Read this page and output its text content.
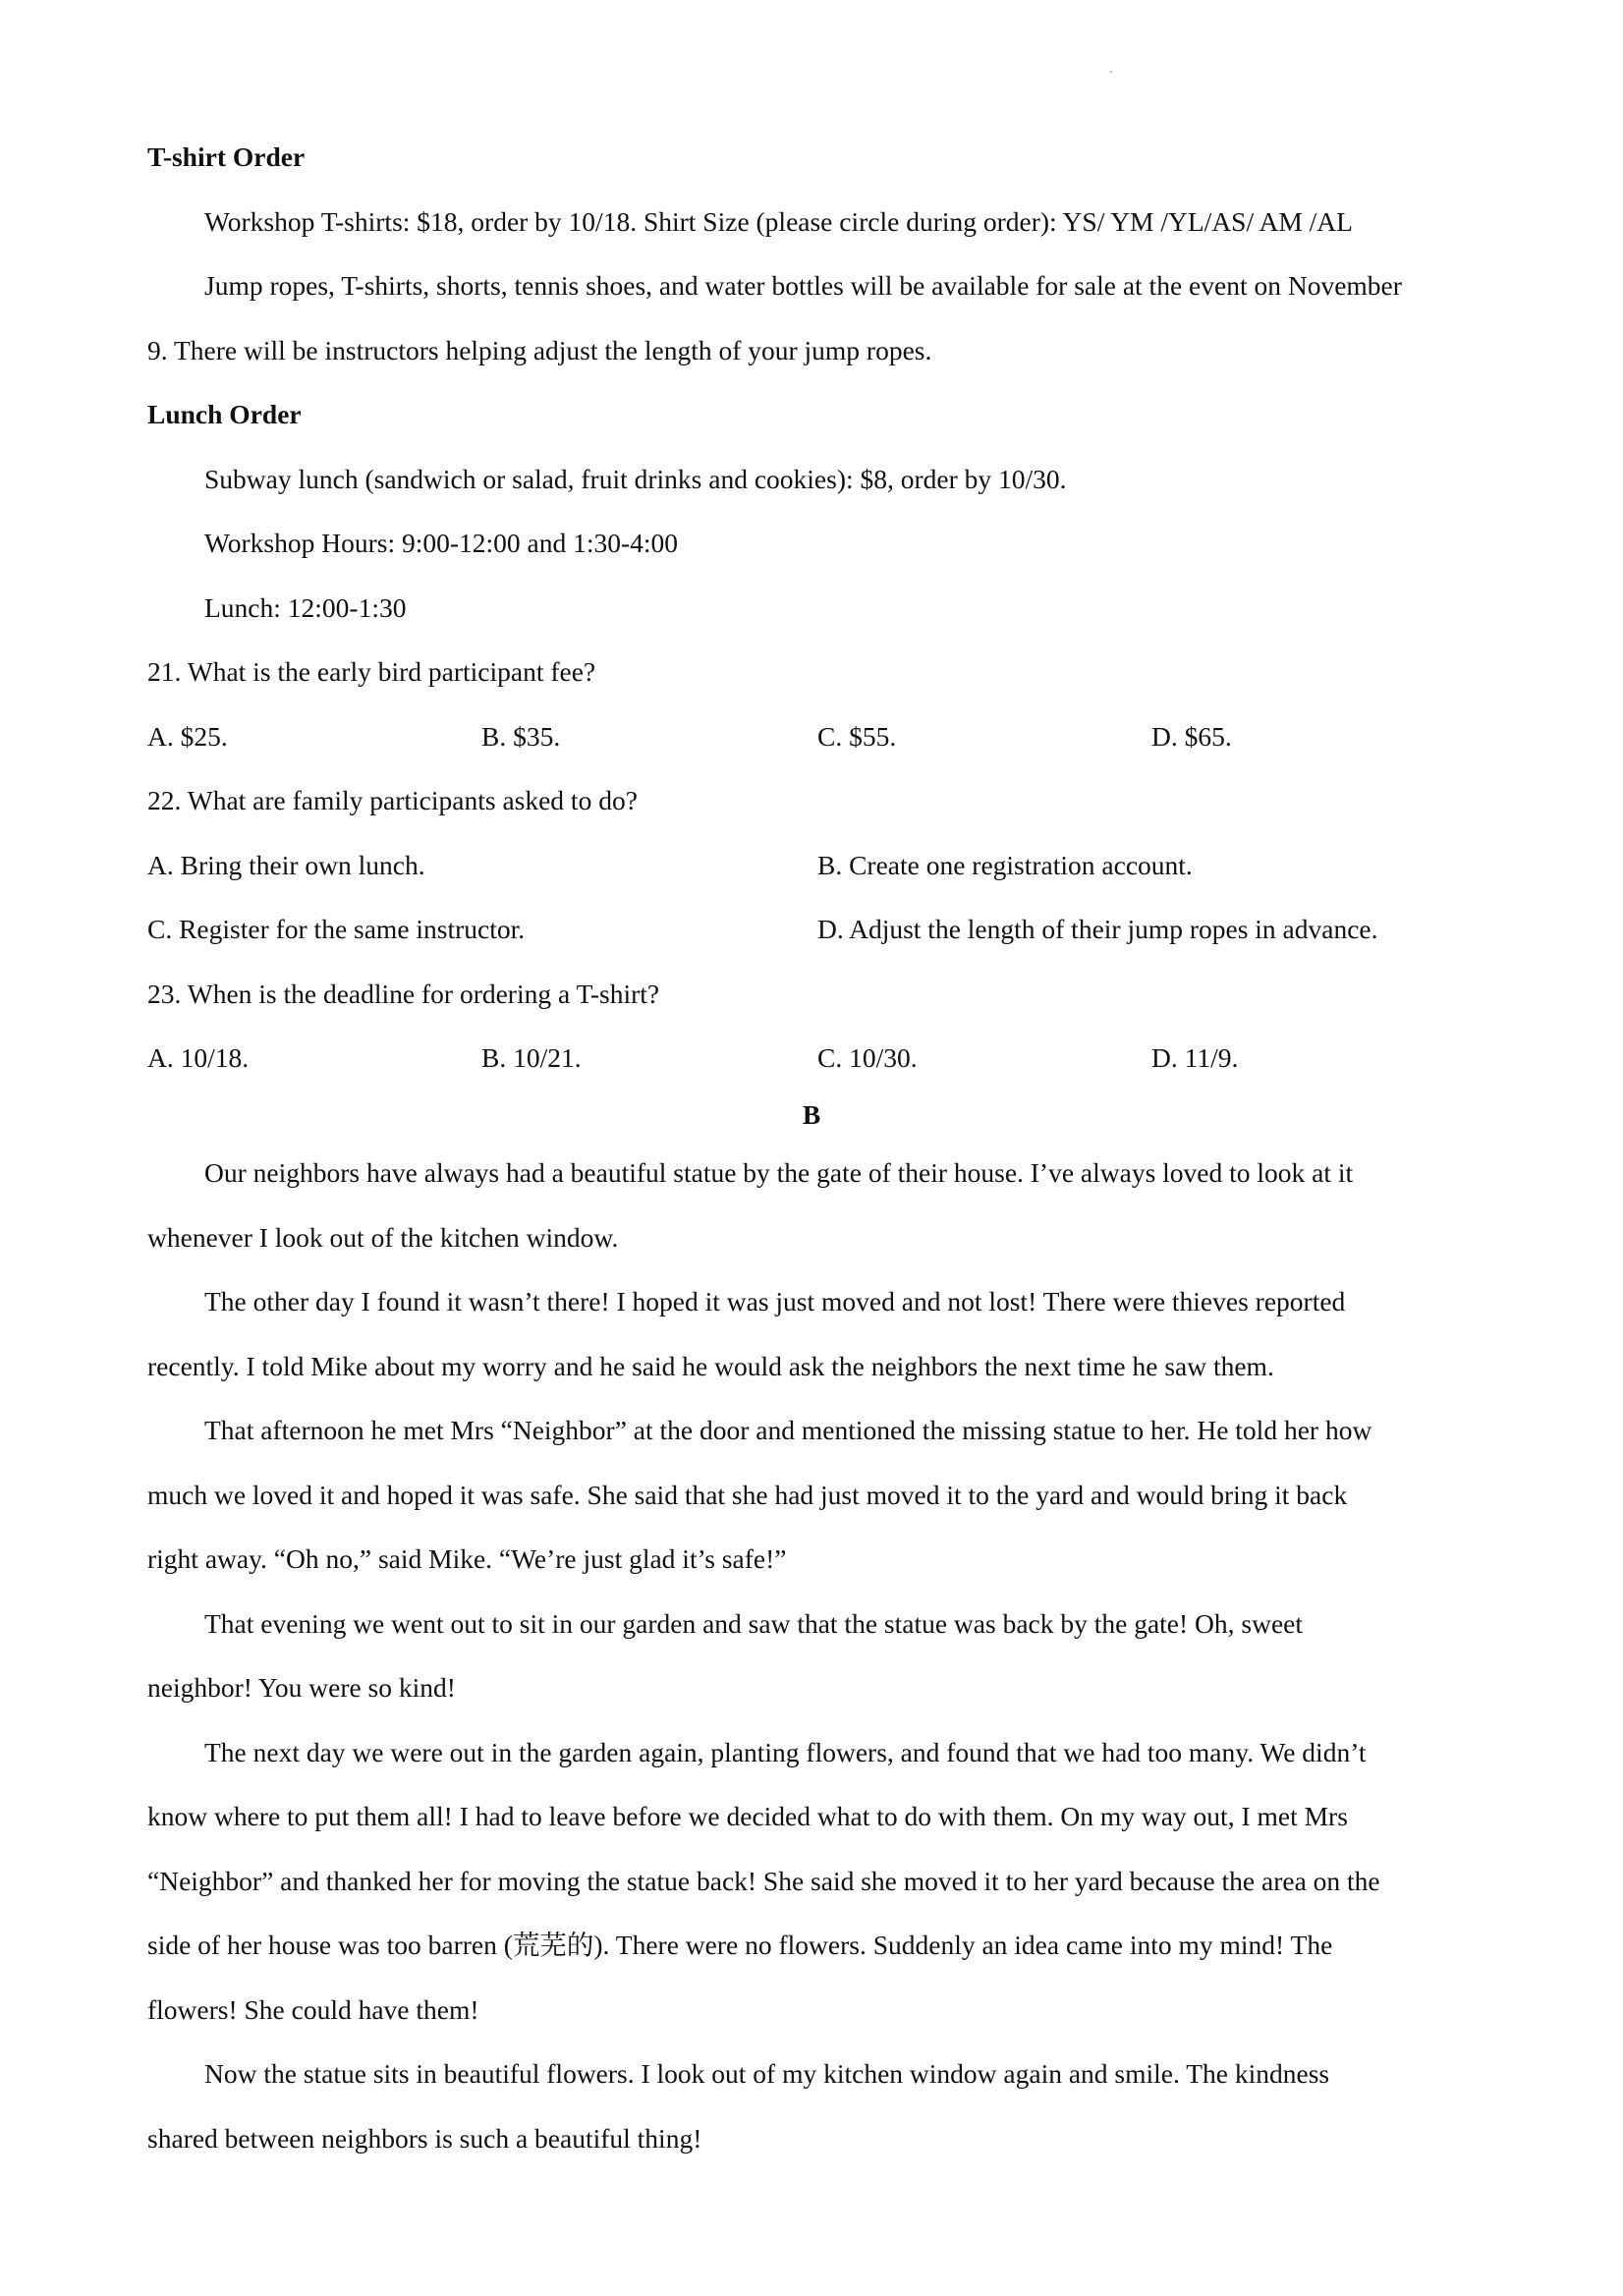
T-shirt Order
Workshop T-shirts: $18, order by 10/18. Shirt Size (please circle during order): YS/ YM /YL/AS/ AM /AL
Jump ropes, T-shirts, shorts, tennis shoes, and water bottles will be available for sale at the event on November
9. There will be instructors helping adjust the length of your jump ropes.
Lunch Order
Subway lunch (sandwich or salad, fruit drinks and cookies): $8, order by 10/30.
Workshop Hours: 9:00-12:00 and 1:30-4:00
Lunch: 12:00-1:30
21. What is the early bird participant fee?
A. $25.	B. $35.	C. $55.	D. $65.
22. What are family participants asked to do?
A. Bring their own lunch.	B. Create one registration account.
C. Register for the same instructor.	D. Adjust the length of their jump ropes in advance.
23. When is the deadline for ordering a T-shirt?
A. 10/18.	B. 10/21.	C. 10/30.	D. 11/9.
B
Our neighbors have always had a beautiful statue by the gate of their house. I’ve always loved to look at it
whenever I look out of the kitchen window.
The other day I found it wasn’t there! I hoped it was just moved and not lost! There were thieves reported
recently. I told Mike about my worry and he said he would ask the neighbors the next time he saw them.
That afternoon he met Mrs “Neighbor” at the door and mentioned the missing statue to her. He told her how
much we loved it and hoped it was safe. She said that she had just moved it to the yard and would bring it back
right away. “Oh no,” said Mike. “We’re just glad it’s safe!”
That evening we went out to sit in our garden and saw that the statue was back by the gate! Oh, sweet
neighbor! You were so kind!
The next day we were out in the garden again, planting flowers, and found that we had too many. We didn’t
know where to put them all! I had to leave before we decided what to do with them. On my way out, I met Mrs
“Neighbor” and thanked her for moving the statue back! She said she moved it to her yard because the area on the
side of her house was too barren (荒芜的). There were no flowers. Suddenly an idea came into my mind! The
flowers! She could have them!
Now the statue sits in beautiful flowers. I look out of my kitchen window again and smile. The kindness
shared between neighbors is such a beautiful thing!
